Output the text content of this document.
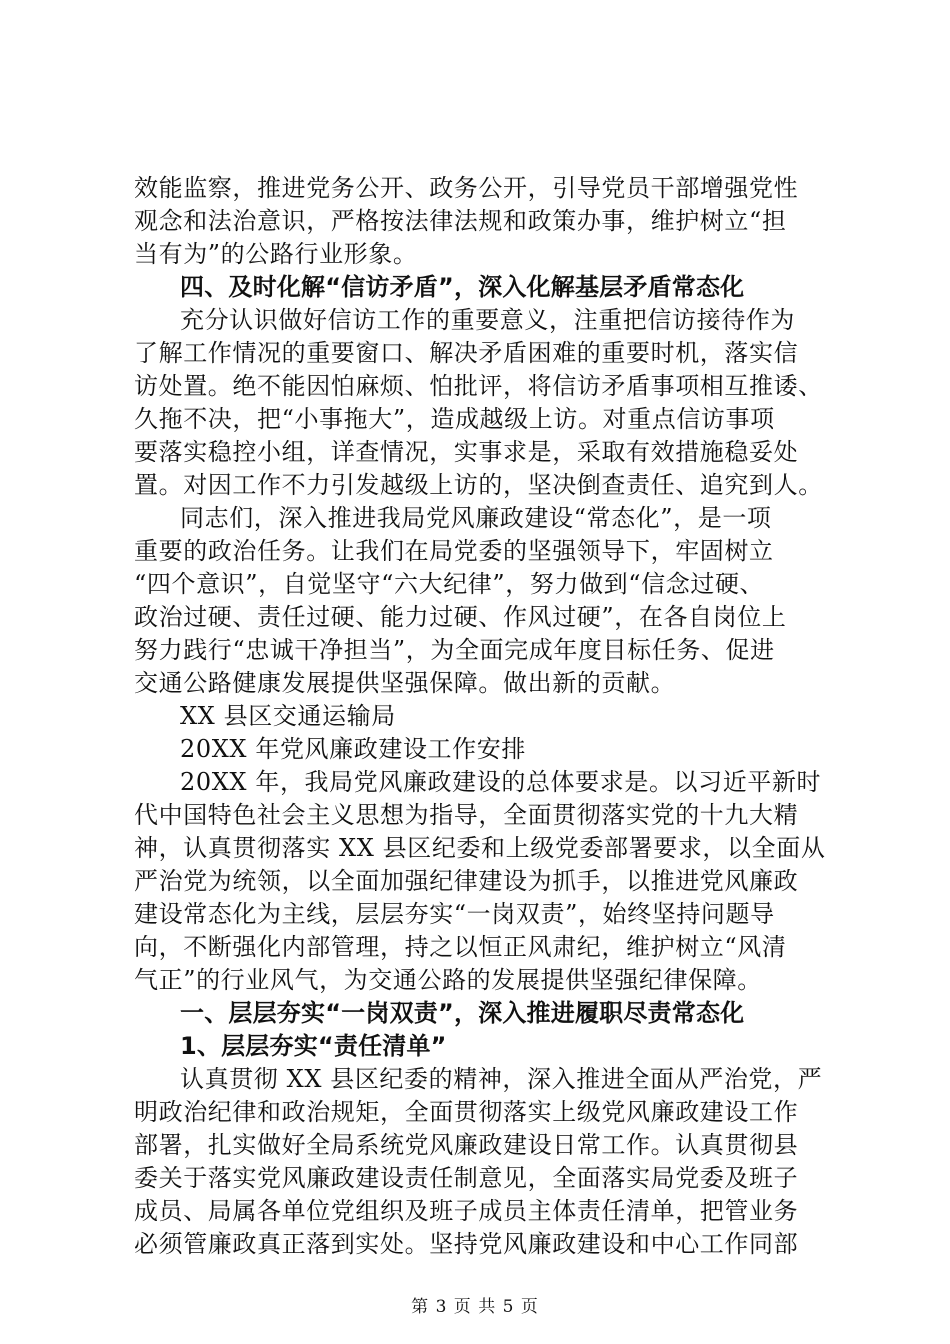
效能监察，推进党务公开、政务公开，引导党员干部增强党性
观念和法治意识，严格按法律法规和政策办事，维护树立“担
当有为”的公路行业形象。
四、及时化解“信访矛盾”，深入化解基层矛盾常态化
充分认识做好信访工作的重要意义，注重把信访接待作为
了解工作情况的重要窗口、解决矛盾困难的重要时机，落实信
访处置。绝不能因怕麻烦、怕批评，将信访矛盾事项相互推诿、
久拖不决，把“小事拖大”，造成越级上访。对重点信访事项
要落实稳控小组，详查情况，实事求是，采取有效措施稳妥处
置。对因工作不力引发越级上访的，坚决倒查责任、追究到人。
同志们，深入推进我局党风廉政建设“常态化”，是一项
重要的政治任务。让我们在局党委的坚强领导下，牢固树立
“四个意识”，自觉坚守“六大纪律”，努力做到“信念过硬、
政治过硬、责任过硬、能力过硬、作风过硬”，在各自岗位上
努力践行“忠诚干净担当”，为全面完成年度目标任务、促进
交通公路健康发展提供坚强保障。做出新的贡献。
XX 县区交通运输局
20XX 年党风廉政建设工作安排
20XX 年，我局党风廉政建设的总体要求是。以习近平新时
代中国特色社会主义思想为指导，全面贯彻落实党的十九大精
神，认真贯彻落实 XX 县区纪委和上级党委部署要求，以全面从
严治党为统领，以全面加强纪律建设为抓手，以推进党风廉政
建设常态化为主线，层层夯实“一岗双责”，始终坚持问题导
向，不断强化内部管理，持之以恒正风肃纪，维护树立“风清
气正”的行业风气，为交通公路的发展提供坚强纪律保障。
一、层层夯实“一岗双责”，深入推进履职尽责常态化
1、层层夯实“责任清单”
认真贯彻 XX 县区纪委的精神，深入推进全面从严治党，严
明政治纪律和政治规矩，全面贯彻落实上级党风廉政建设工作
部署，扎实做好全局系统党风廉政建设日常工作。认真贯彻县
委关于落实党风廉政建设责任制意见，全面落实局党委及班子
成员、局属各单位党组织及班子成员主体责任清单，把管业务
必须管廉政真正落到实处。坚持党风廉政建设和中心工作同部
第 3 页 共 5 页
